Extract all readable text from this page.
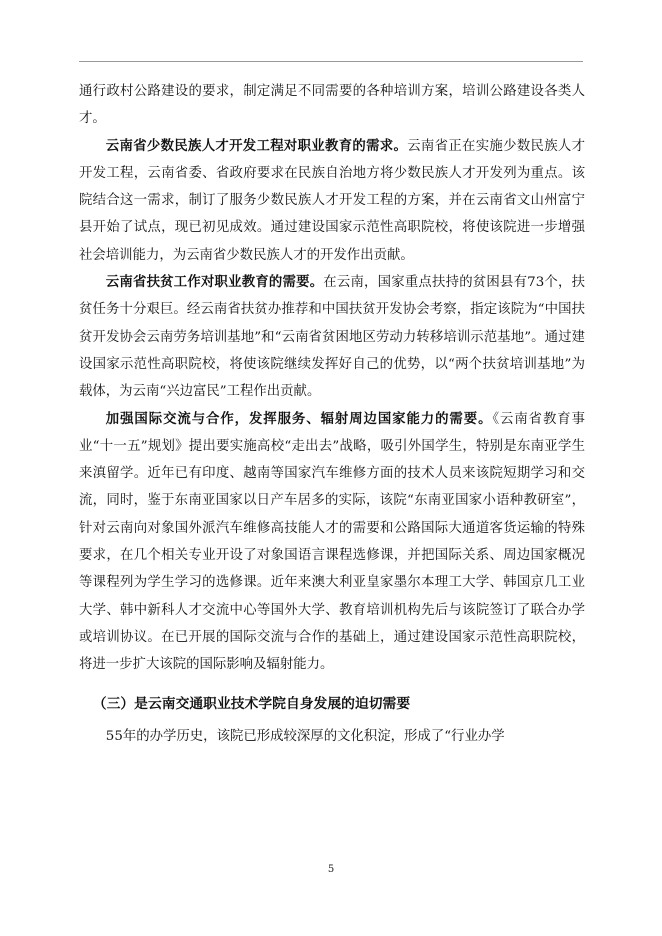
通行政村公路建设的要求，制定满足不同需要的各种培训方案，培训公路建设各类人才。

云南省少数民族人才开发工程对职业教育的需求。云南省正在实施少数民族人才开发工程，云南省委、省政府要求在民族自治地方将少数民族人才开发列为重点。该院结合这一需求，制订了服务少数民族人才开发工程的方案，并在云南省文山州富宁县开始了试点，现已初见成效。通过建设国家示范性高职院校，将使该院进一步增强社会培训能力，为云南省少数民族人才的开发作出贡献。

云南省扶贫工作对职业教育的需要。在云南，国家重点扶持的贫困县有73个，扶贫任务十分艰巨。经云南省扶贫办推荐和中国扶贫开发协会考察，指定该院为“中国扶贫开发协会云南劳务培训基地”和“云南省贫困地区劳动力转移培训示范基地”。通过建设国家示范性高职院校，将使该院继续发挥好自己的优势，以“两个扶贫培训基地”为载体，为云南“兴边富民”工程作出贡献。

加强国际交流与合作，发挥服务、辐射周边国家能力的需要。《云南省教育事业“十一五”规划》提出要实施高校“走出去”战略，吸引外国学生，特别是东南亚学生来滇留学。近年已有印度、越南等国家汽车维修方面的技术人员来该院短期学习和交流，同时，鉴于东南亚国家以日产车居多的实际，该院“东南亚国家小语种教研室”，针对云南向对象国外派汽车维修高技能人才的需要和公路国际大通道客货运输的特殊要求，在几个相关专业开设了对象国语言课程选修课，并把国际关系、周边国家概况等课程列为学生学习的选修课。近年来澳大利亚皇家墨尔本理工大学、韩国京几工业大学、韩中新科人才交流中心等国外大学、教育培训机构先后与该院签订了联合办学或培训协议。在已开展的国际交流与合作的基础上，通过建设国家示范性高职院校，将进一步扩大该院的国际影响及辐射能力。

（三）是云南交通职业技术学院自身发展的迫切需要

55年的办学历史，该院已形成较深厚的文化积淀，形成了“行业办学

5
